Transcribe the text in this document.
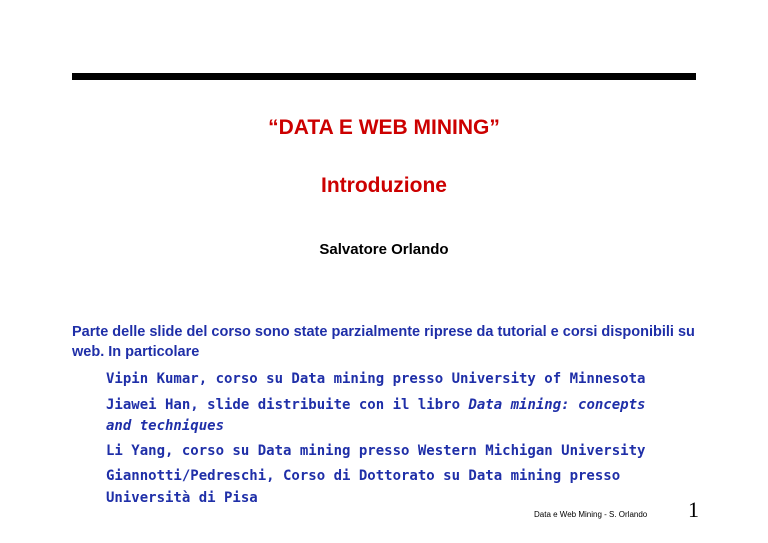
“DATA E WEB MINING”
Introduzione
Salvatore Orlando

Parte delle slide del corso sono state parzialmente riprese da tutorial e corsi disponibili su web. In particolare

Vipin Kumar, corso su Data mining presso University of Minnesota
Jiawei Han, slide distribuite con il libro Data mining: concepts and techniques
Li Yang, corso su Data mining presso Western Michigan University
Giannotti/Pedreschi, Corso di Dottorato su Data mining presso Università di Pisa
Data e Web Mining - S. Orlando 1
